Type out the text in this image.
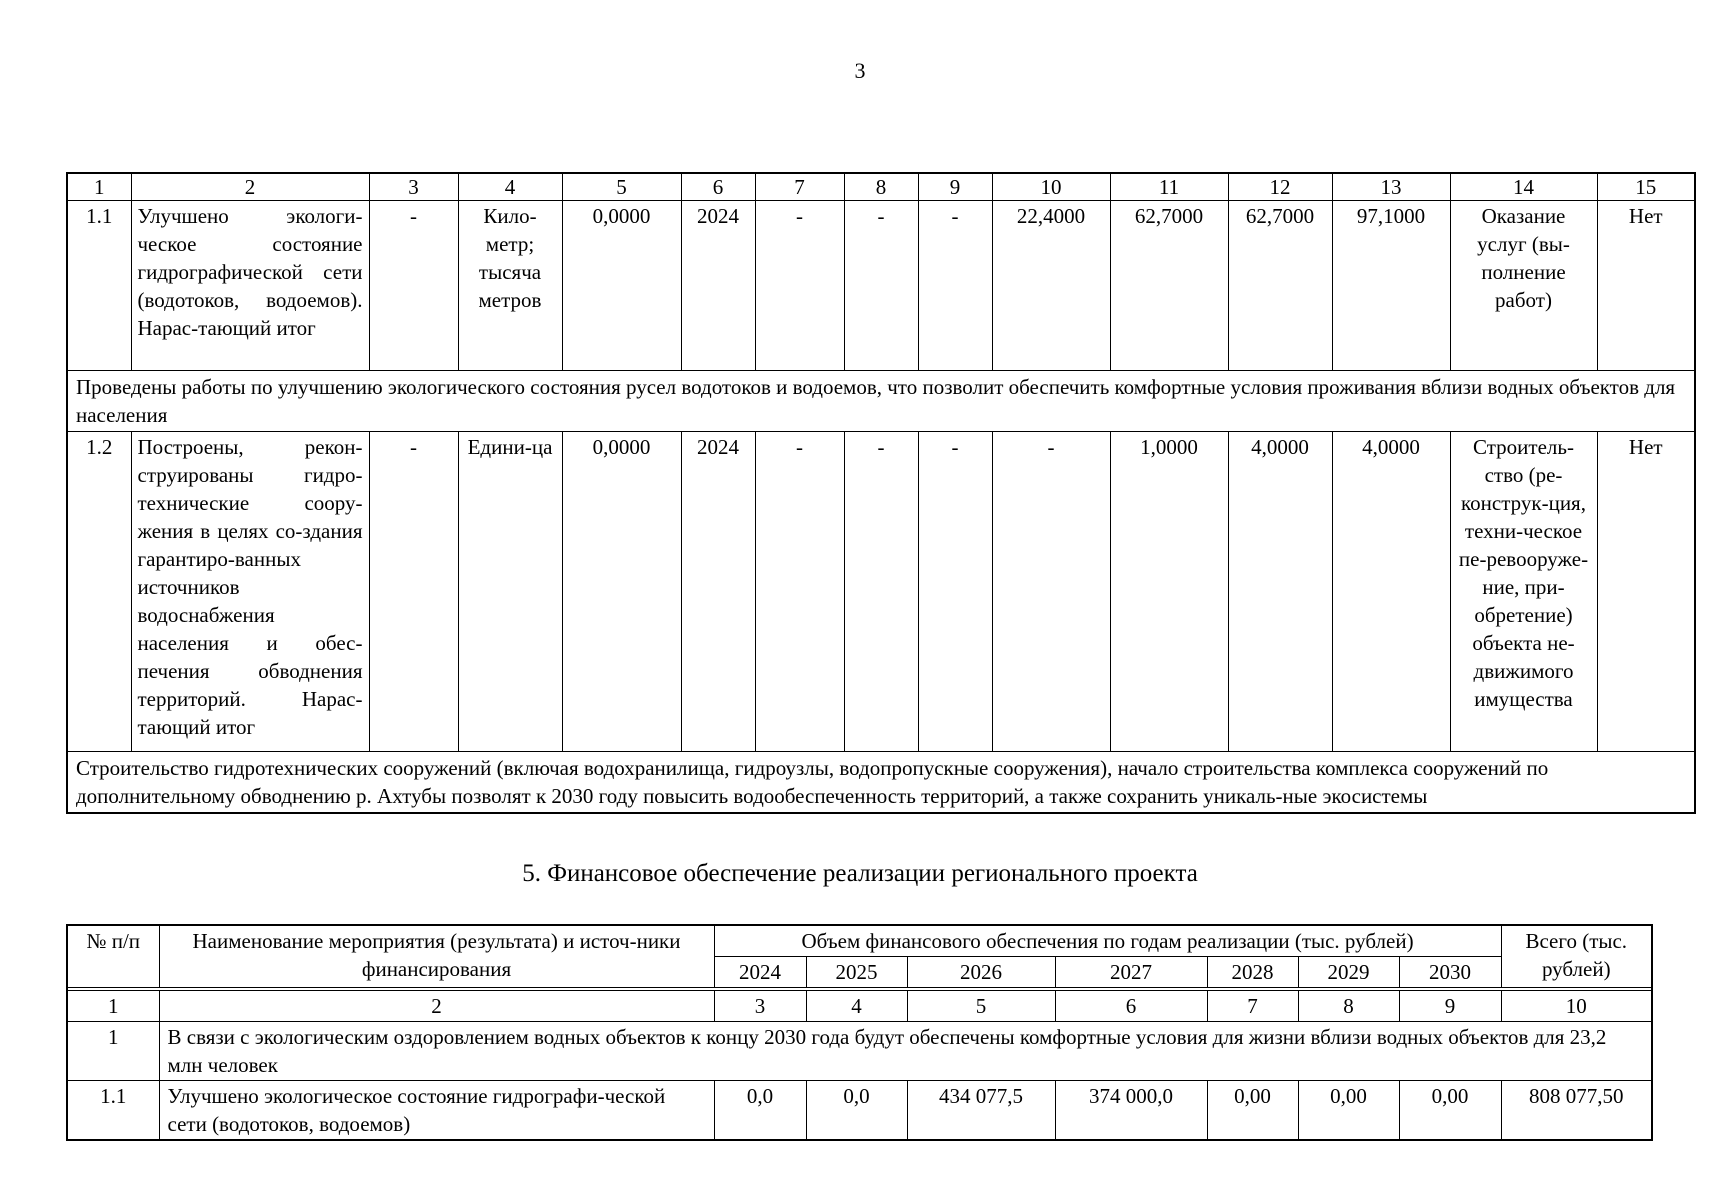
3
1	2	3	4	5	6	7	8	9	10	11	12	13	14	15
1.1	Улучшено экологи-ческое состояние гидрографической сети (водотоков, водоемов). Нарас-тающий итог	-	Кило-метр; тысяча метров	0,0000	2024	-	-	-	22,4000	62,7000	62,7000	97,1000	Оказание услуг (вы-полнение работ)	Нет
Проведены работы по улучшению экологического состояния русел водотоков и водоемов, что позволит обеспечить комфортные условия проживания вблизи водных объектов для населения														
1.2	Построены, рекон-струированы гидро-технические соору-жения в целях со-здания гарантиро-ванных источников водоснабжения населения и обес-печения обводнения территорий. Нарас-тающий итог	-	Едини-ца	0,0000	2024	-	-	-	-	1,0000	4,0000	4,0000	Строитель-ство (ре-конструк-ция, техни-ческое пе-ревооруже-ние, при-обретение) объекта не-движимого имущества	Нет
Строительство гидротехнических сооружений (включая водохранилища, гидроузлы, водопропускные сооружения), начало строительства комплекса сооружений по дополнительному обводнению р. Ахтубы позволят к 2030 году повысить водообеспеченность территорий, а также сохранить уникаль-ные экосистемы														
5. Финансовое обеспечение реализации регионального проекта
№ п/п	Наименование мероприятия (результата) и источ-ники финансирования	Объем финансового обеспечения по годам реализации (тыс. рублей)							Всего (тыс. рублей)
		2024	2025	2026	2027	2028	2029	2030	

1	2	3	4	5	6	7	8	9	10
1	В связи с экологическим оздоровлением водных объектов к концу 2030 года будут обеспечены комфортные условия для жизни вблизи водных объектов для 23,2 млн человек								
1.1	Улучшено экологическое состояние гидрографи-ческой сети (водотоков, водоемов)	0,0	0,0	434 077,5	374 000,0	0,00	0,00	0,00	808 077,50
